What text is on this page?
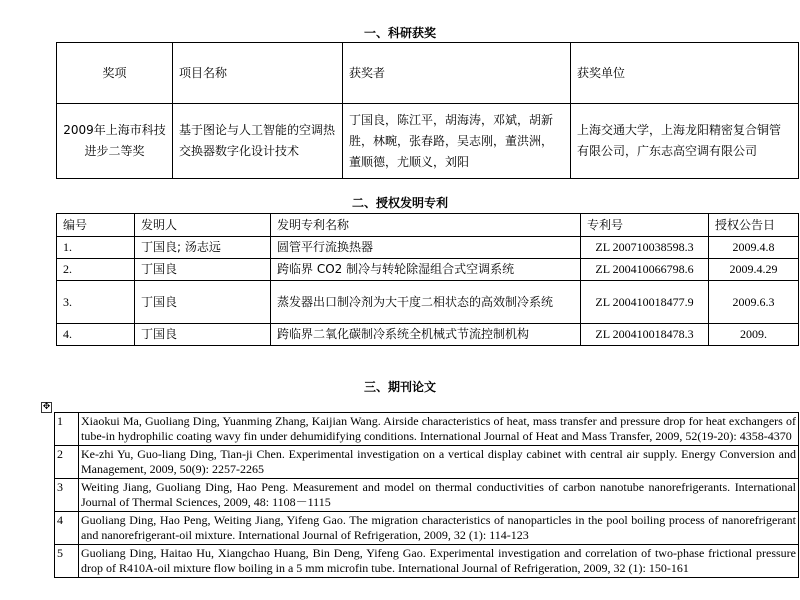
一、科研获奖
奖项	项目名称	获奖者	获奖单位
2009年上海市科技进步二等奖	基于图论与人工智能的空调热交换器数字化设计技术	丁国良，陈江平，胡海涛，邓斌，胡新胜，林畹，张春路，吴志刚，董洪洲，董顺德，尤顺义，刘阳	上海交通大学，上海龙阳精密复合铜管有限公司，广东志高空调有限公司
二、授权发明专利
编号	发明人	发明专利名称	专利号	授权公告日
1.	丁国良; 汤志远	圆管平行流换热器	ZL 200710038598.3	2009.4.8
2.	丁国良	跨临界 CO2 制冷与转轮除湿组合式空调系统	ZL 200410066798.6	2009.4.29
3.	丁国良	蒸发器出口制冷剂为大干度二相状态的高效制冷系统	ZL 200410018477.9	2009.6.3
4.	丁国良	跨临界二氧化碳制冷系统全机械式节流控制机构	ZL 200410018478.3	2009.
三、期刊论文
✥
1	Xiaokui Ma, Guoliang Ding, Yuanming Zhang, Kaijian Wang. Airside characteristics of heat, mass transfer and pressure drop for heat exchangers of tube-in hydrophilic coating wavy fin under dehumidifying conditions. International Journal of Heat and Mass Transfer, 2009, 52(19-20): 4358-4370
2	Ke-zhi Yu, Guo-liang Ding, Tian-ji Chen. Experimental investigation on a vertical display cabinet with central air supply. Energy Conversion and Management, 2009, 50(9): 2257-2265
3	Weiting Jiang, Guoliang Ding, Hao Peng. Measurement and model on thermal conductivities of carbon nanotube nanorefrigerants. International Journal of Thermal Sciences, 2009, 48: 1108－1115
4	Guoliang Ding, Hao Peng, Weiting Jiang, Yifeng Gao. The migration characteristics of nanoparticles in the pool boiling process of nanorefrigerant and nanorefrigerant-oil mixture. International Journal of Refrigeration, 2009, 32 (1): 114-123
5	Guoliang Ding, Haitao Hu, Xiangchao Huang, Bin Deng, Yifeng Gao. Experimental investigation and correlation of two-phase frictional pressure drop of R410A-oil mixture flow boiling in a 5 mm microfin tube. International Journal of Refrigeration, 2009, 32 (1): 150-161
